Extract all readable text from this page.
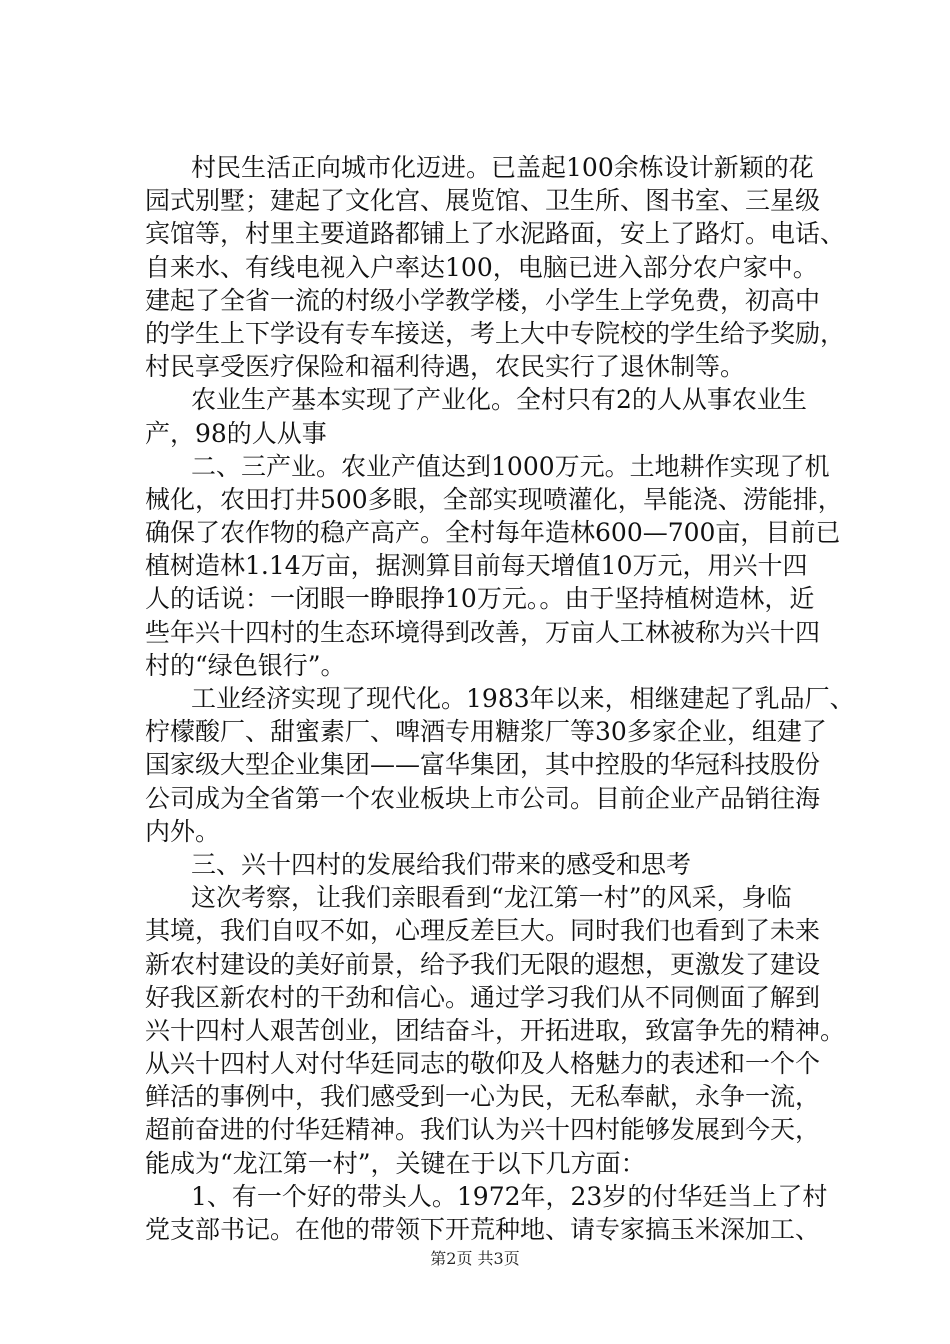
村民生活正向城市化迈进。已盖起100余栋设计新颖的花
园式别墅；建起了文化宫、展览馆、卫生所、图书室、三星级
宾馆等，村里主要道路都铺上了水泥路面，安上了路灯。电话、
自来水、有线电视入户率达100，电脑已进入部分农户家中。
建起了全省一流的村级小学教学楼，小学生上学免费，初高中
的学生上下学设有专车接送，考上大中专院校的学生给予奖励，
村民享受医疗保险和福利待遇，农民实行了退休制等。
农业生产基本实现了产业化。全村只有2的人从事农业生
产，98的人从事
二、三产业。农业产值达到1000万元。土地耕作实现了机
械化，农田打井500多眼，全部实现喷灌化，旱能浇、涝能排，
确保了农作物的稳产高产。全村每年造林600—700亩，目前已
植树造林1.14万亩，据测算目前每天增值10万元，用兴十四
人的话说：一闭眼一睁眼挣10万元。。由于坚持植树造林，近
些年兴十四村的生态环境得到改善，万亩人工林被称为兴十四
村的“绿色银行”。
工业经济实现了现代化。1983年以来，相继建起了乳品厂、
柠檬酸厂、甜蜜素厂、啤酒专用糖浆厂等30多家企业，组建了
国家级大型企业集团——富华集团，其中控股的华冠科技股份
公司成为全省第一个农业板块上市公司。目前企业产品销往海
内外。
三、兴十四村的发展给我们带来的感受和思考
这次考察，让我们亲眼看到“龙江第一村”的风采，身临
其境，我们自叹不如，心理反差巨大。同时我们也看到了未来
新农村建设的美好前景，给予我们无限的遐想，更激发了建设
好我区新农村的干劲和信心。通过学习我们从不同侧面了解到
兴十四村人艰苦创业，团结奋斗，开拓进取，致富争先的精神。
从兴十四村人对付华廷同志的敬仰及人格魅力的表述和一个个
鲜活的事例中，我们感受到一心为民，无私奉献，永争一流，
超前奋进的付华廷精神。我们认为兴十四村能够发展到今天，
能成为“龙江第一村”，关键在于以下几方面：
1、有一个好的带头人。1972年，23岁的付华廷当上了村
党支部书记。在他的带领下开荒种地、请专家搞玉米深加工、
第2页 共3页
